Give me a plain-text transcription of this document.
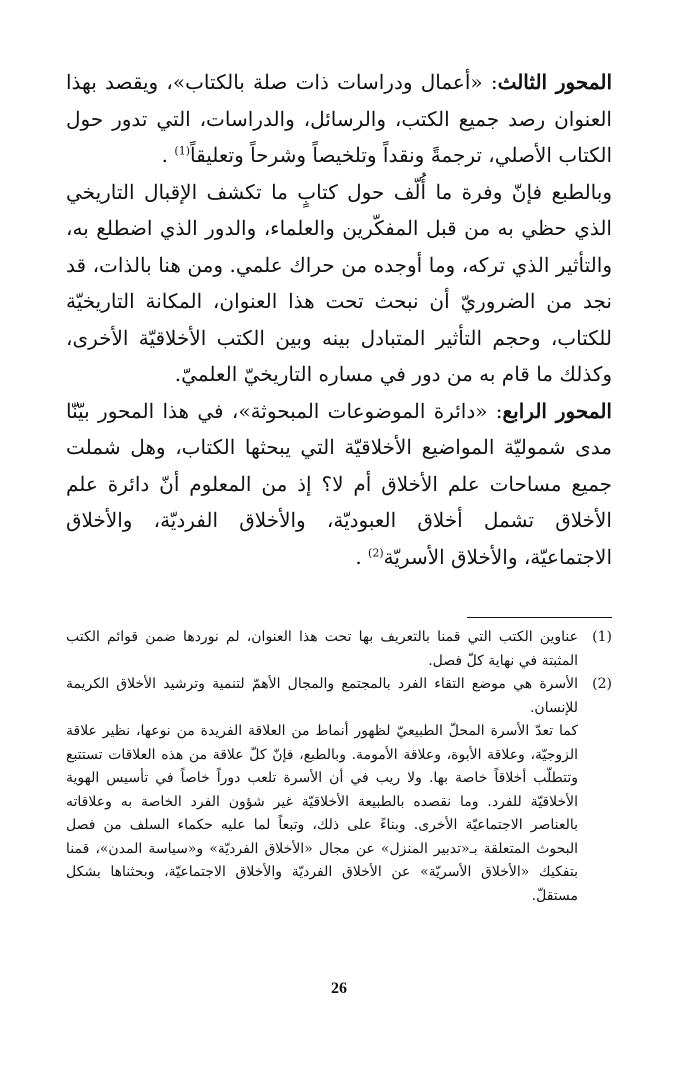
المحور الثالث: «أعمال ودراسات ذات صلة بالكتاب»، ويقصد بهذا العنوان رصد جميع الكتب، والرسائل، والدراسات، التي تدور حول الكتاب الأصلي، ترجمةً ونقداً وتلخيصاً وشرحاً وتعليقاً$^{(1)}$ .

وبالطبع فإنّ وفرة ما أُلّف حول كتابٍ ما تكشف الإقبال التاريخي الذي حظي به من قبل المفكّرين والعلماء، والدور الذي اضطلع به، والتأثير الذي تركه، وما أوجده من حراك علمي. ومن هنا بالذات، قد نجد من الضروريّ أن نبحث تحت هذا العنوان، المكانة التاريخيّة للكتاب، وحجم التأثير المتبادل بينه وبين الكتب الأخلاقيّة الأخرى، وكذلك ما قام به من دور في مساره التاريخيّ العلميّ.

المحور الرابع: «دائرة الموضوعات المبحوثة»، في هذا المحور بيّنّا مدى شموليّة المواضيع الأخلاقيّة التي يبحثها الكتاب، وهل شملت جميع مساحات علم الأخلاق أم لا؟ إذ من المعلوم أنّ دائرة علم الأخلاق تشمل أخلاق العبوديّة، والأخلاق الفرديّة، والأخلاق الاجتماعيّة، والأخلاق الأسريّة$^{(2)}$ .

(1)
عناوين الكتب التي قمنا بالتعريف بها تحت هذا العنوان، لم نوردها ضمن قوائم الكتب المثبتة في نهاية كلّ فصل.
(2)
الأسرة هي موضع التقاء الفرد بالمجتمع والمجال الأهمّ لتنمية وترشيد الأخلاق الكريمة للإنسان.

كما تعدّ الأسرة المحلّ الطبيعيّ لظهور أنماط من العلاقة الفريدة من نوعها، نظير علاقة الزوجيّة، وعلاقة الأبوة، وعلاقة الأمومة. وبالطبع، فإنّ كلّ علاقة من هذه العلاقات تستتبع وتتطلّب أخلاقاً خاصة بها. ولا ريب في أن الأسرة تلعب دوراً خاصاً في تأسيس الهوية الأخلاقيّة للفرد. وما نقصده بالطبيعة الأخلاقيّة غير شؤون الفرد الخاصة به وعلاقاته بالعناصر الاجتماعيّة الأخرى. وبناءً على ذلك، وتبعاً لما عليه حكماء السلف من فصل البحوث المتعلقة بـ«تدبير المنزل» عن مجال «الأخلاق الفرديّة» و«سياسة المدن»، قمنا بتفكيك «الأخلاق الأسريّة» عن الأخلاق الفرديّة والأخلاق الاجتماعيّة، وبحثناها بشكل مستقلّ.

26
